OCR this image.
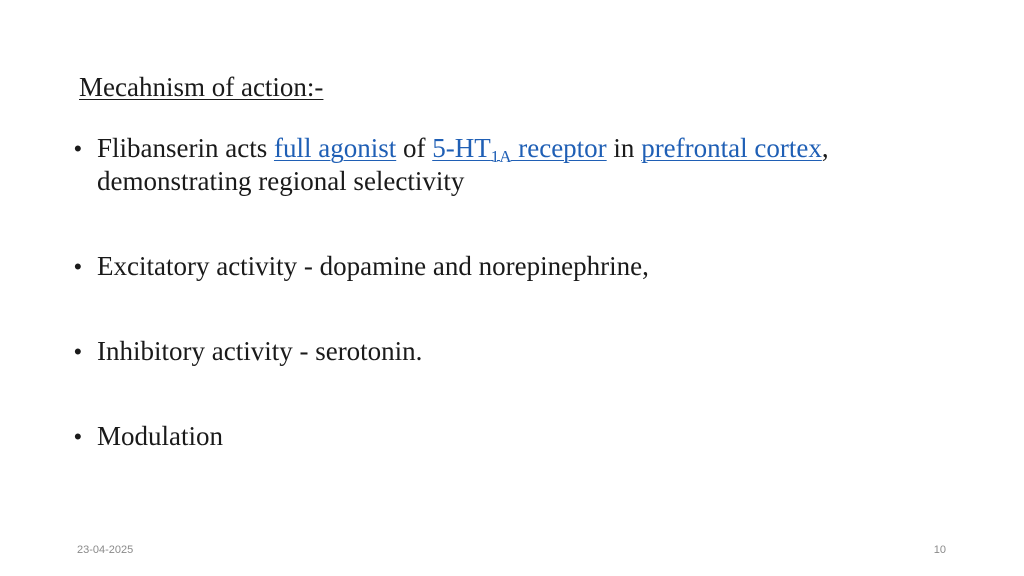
Mecahnism of action:-
• Flibanserin acts full agonist of $5-HT_{1A}$ receptor in prefrontal cortex, demonstrating regional selectivity
• Excitatory activity - dopamine and norepinephrine,
• Inhibitory activity - serotonin.
• Modulation
23-04-2025	10
